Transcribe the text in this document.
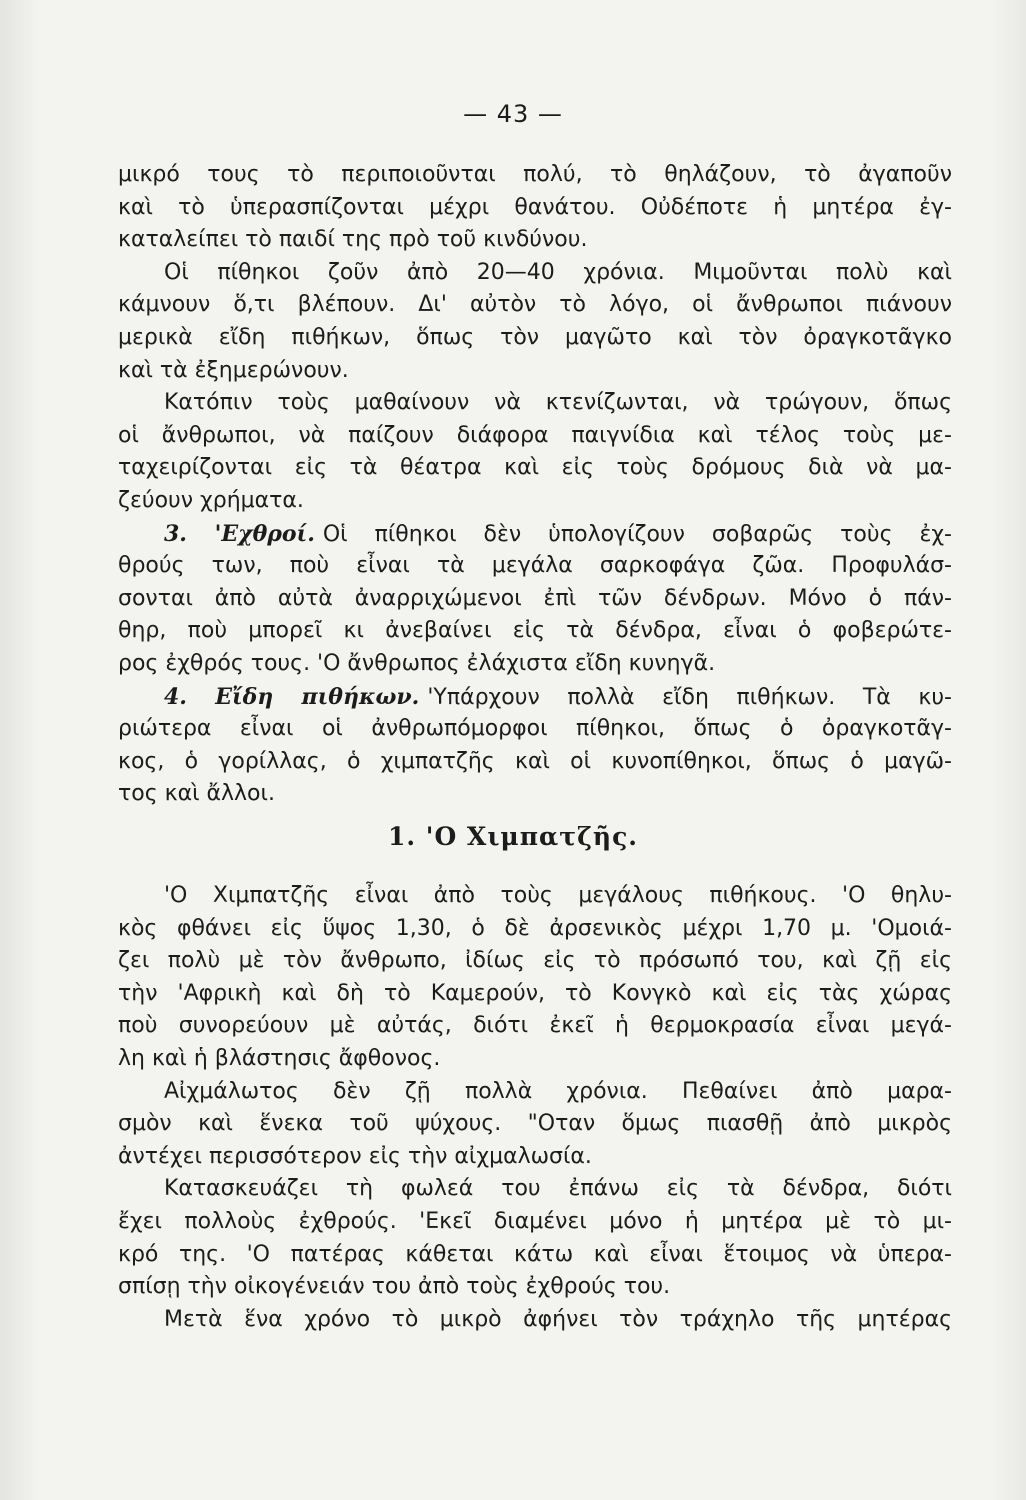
— 43 —
μικρό τους τὸ περιποιοῦνται πολύ, τὸ θηλάζουν, τὸ ἀγαποῦν
καὶ τὸ ὑπερασπίζονται μέχρι θανάτου. Οὐδέποτε ἡ μητέρα ἐγ-
καταλείπει τὸ παιδί της πρὸ τοῦ κινδύνου.
Οἱ πίθηκοι ζοῦν ἀπὸ 20—40 χρόνια. Μιμοῦνται πολὺ καὶ
κάμνουν ὅ,τι βλέπουν. Δι' αὐτὸν τὸ λόγο, οἱ ἄνθρωποι πιάνουν
μερικὰ εἴδη πιθήκων, ὅπως τὸν μαγῶτο καὶ τὸν ὀραγκοτᾶγκο
καὶ τὰ ἐξημερώνουν.
Κατόπιν τοὺς μαθαίνουν νὰ κτενίζωνται, νὰ τρώγουν, ὅπως
οἱ ἄνθρωποι, νὰ παίζουν διάφορα παιγνίδια καὶ τέλος τοὺς με-
ταχειρίζονται εἰς τὰ θέατρα καὶ εἰς τοὺς δρόμους διὰ νὰ μα-
ζεύουν χρήματα.
3. 'Εχθροί. Οἱ πίθηκοι δὲν ὑπολογίζουν σοβαρῶς τοὺς ἐχ-
θρούς των, ποὺ εἶναι τὰ μεγάλα σαρκοφάγα ζῶα. Προφυλάσ-
σονται ἀπὸ αὐτὰ ἀναρριχώμενοι ἐπὶ τῶν δένδρων. Μόνο ὁ πάν-
θηρ, ποὺ μπορεῖ κι ἀνεβαίνει εἰς τὰ δένδρα, εἶναι ὁ φοβερώτε-
ρος ἐχθρός τους. 'Ο ἄνθρωπος ἐλάχιστα εἴδη κυνηγᾶ.
4. Εἴδη πιθήκων. 'Υπάρχουν πολλὰ εἴδη πιθήκων. Τὰ κυ-
ριώτερα εἶναι οἱ ἀνθρωπόμορφοι πίθηκοι, ὅπως ὁ ὀραγκοτᾶγ-
κος, ὁ γορίλλας, ὁ χιμπατζῆς καὶ οἱ κυνοπίθηκοι, ὅπως ὁ μαγῶ-
τος καὶ ἄλλοι.
1. 'Ο Χιμπατζῆς.
'Ο Χιμπατζῆς εἶναι ἀπὸ τοὺς μεγάλους πιθήκους. 'Ο θηλυ-
κὸς φθάνει εἰς ὕψος 1,30, ὁ δὲ ἀρσενικὸς μέχρι 1,70 μ. 'Ομοιά-
ζει πολὺ μὲ τὸν ἄνθρωπο, ἰδίως εἰς τὸ πρόσωπό του, καὶ ζῇ εἰς
τὴν 'Αφρικὴ καὶ δὴ τὸ Καμερούν, τὸ Κονγκὸ καὶ εἰς τὰς χώρας
ποὺ συνορεύουν μὲ αὐτάς, διότι ἐκεῖ ἡ θερμοκρασία εἶναι μεγά-
λη καὶ ἡ βλάστησις ἄφθονος.
Αἰχμάλωτος δὲν ζῇ πολλὰ χρόνια. Πεθαίνει ἀπὸ μαρα-
σμὸν καὶ ἕνεκα τοῦ ψύχους. "Οταν ὅμως πιασθῇ ἀπὸ μικρὸς
ἀντέχει περισσότερον εἰς τὴν αἰχμαλωσία.
Κατασκευάζει τὴ φωλεά του ἐπάνω εἰς τὰ δένδρα, διότι
ἔχει πολλοὺς ἐχθρούς. 'Εκεῖ διαμένει μόνο ἡ μητέρα μὲ τὸ μι-
κρό της. 'Ο πατέρας κάθεται κάτω καὶ εἶναι ἕτοιμος νὰ ὑπερα-
σπίσῃ τὴν οἰκογένειάν του ἀπὸ τοὺς ἐχθρούς του.
Μετὰ ἕνα χρόνο τὸ μικρὸ ἀφήνει τὸν τράχηλο τῆς μητέρας
